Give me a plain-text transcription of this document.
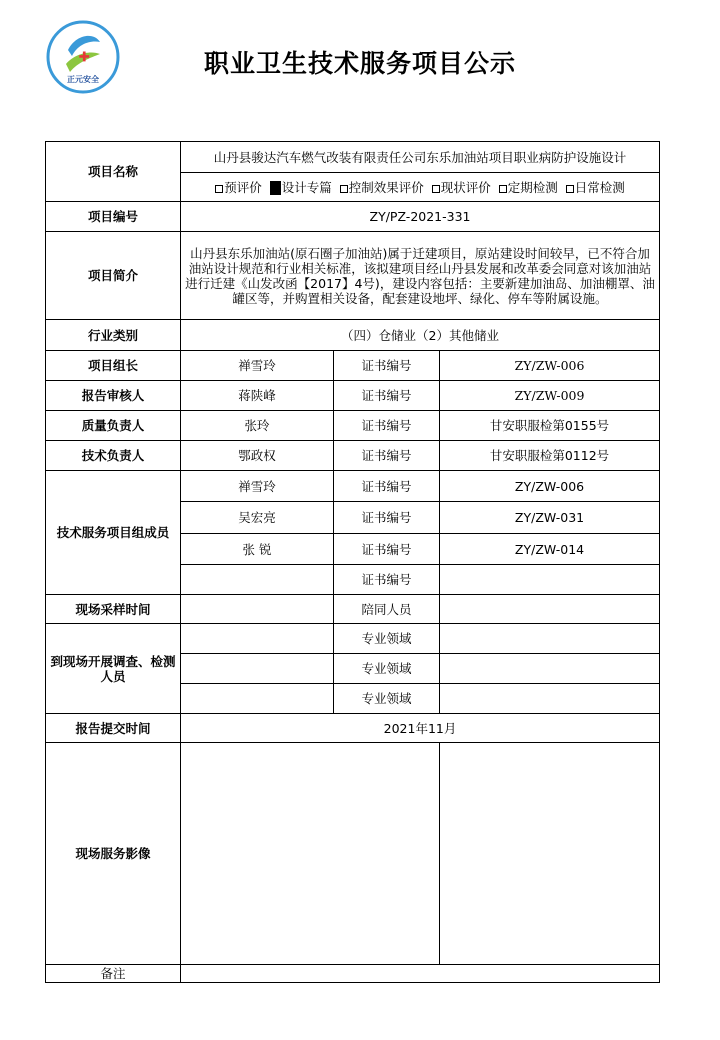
正元安全
职业卫生技术服务项目公示
项目名称	山丹县骏达汽车燃气改装有限责任公司东乐加油站项目职业病防护设施设计		
	预评价 设计专篇 控制效果评价 现状评价 定期检测 日常检测		
项目编号	ZY/PZ-2021-331		
项目简介	山丹县东乐加油站(原石圈子加油站)属于迁建项目，原站建设时间较早，已不符合加油站设计规范和行业相关标准，该拟建项目经山丹县发展和改革委会同意对该加油站进行迁建《山发改函【2017】4号)，建设内容包括：主要新建加油岛、加油棚罩、油罐区等，并购置相关设备，配套建设地坪、绿化、停车等附属设施。		
行业类别	（四）仓储业（2）其他储业		
项目组长	禅雪玲	证书编号	ZY/ZW-006
报告审核人	蒋陕峰	证书编号	ZY/ZW-009
质量负责人	张玲	证书编号	甘安职服检第0155号
技术负责人	鄂政权	证书编号	甘安职服检第0112号
技术服务项目组成员	禅雪玲	证书编号	ZY/ZW-006
	吴宏亮	证书编号	ZY/ZW-031
	张 锐	证书编号	ZY/ZW-014
		证书编号	
现场采样时间		陪同人员	
到现场开展调查、检测人员		专业领域	
		专业领域	
		专业领域	
报告提交时间	2021年11月		
现场服务影像			
备注			
